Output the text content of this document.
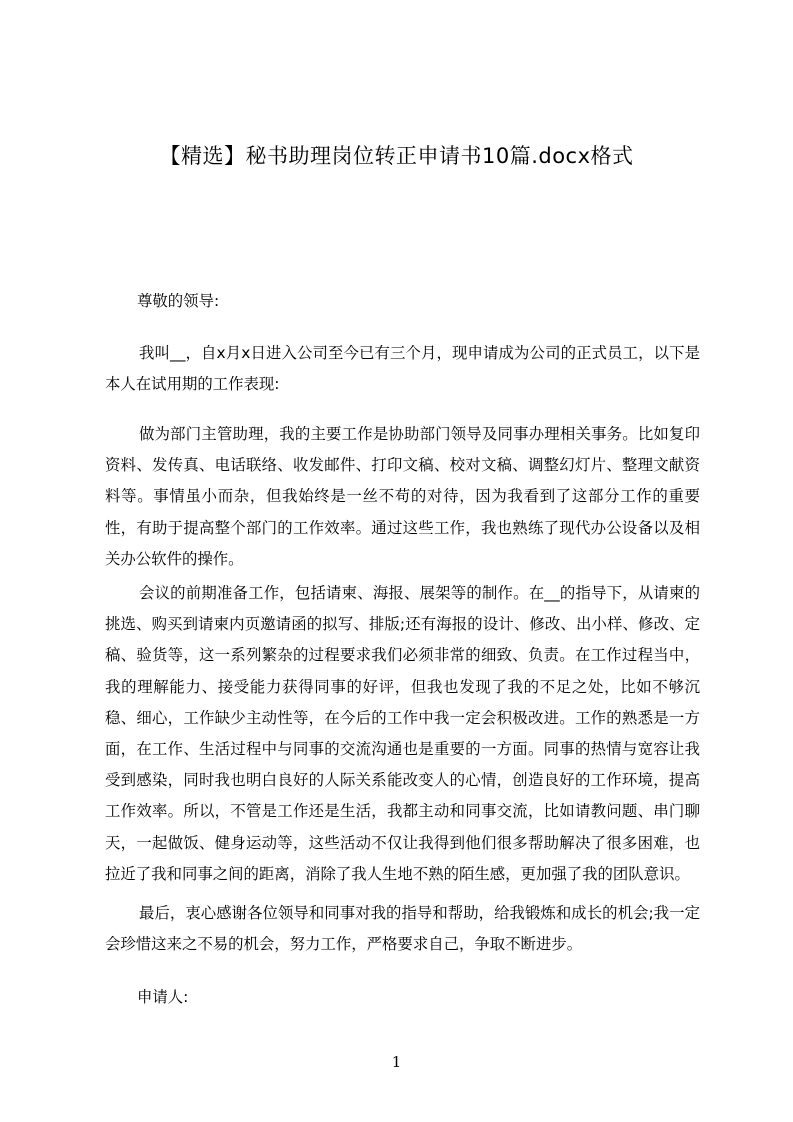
【精选】秘书助理岗位转正申请书10篇.docx格式
尊敬的领导:
我叫__，自x月x日进入公司至今已有三个月，现申请成为公司的正式员工，以下是本人在试用期的工作表现:
做为部门主管助理，我的主要工作是协助部门领导及同事办理相关事务。比如复印资料、发传真、电话联络、收发邮件、打印文稿、校对文稿、调整幻灯片、整理文献资料等。事情虽小而杂，但我始终是一丝不苟的对待，因为我看到了这部分工作的重要性，有助于提高整个部门的工作效率。通过这些工作，我也熟练了现代办公设备以及相关办公软件的操作。
会议的前期准备工作，包括请柬、海报、展架等的制作。在__的指导下，从请柬的挑选、购买到请柬内页邀请函的拟写、排版;还有海报的设计、修改、出小样、修改、定稿、验货等，这一系列繁杂的过程要求我们必须非常的细致、负责。在工作过程当中，我的理解能力、接受能力获得同事的好评，但我也发现了我的不足之处，比如不够沉稳、细心，工作缺少主动性等，在今后的工作中我一定会积极改进。工作的熟悉是一方面，在工作、生活过程中与同事的交流沟通也是重要的一方面。同事的热情与宽容让我受到感染，同时我也明白良好的人际关系能改变人的心情，创造良好的工作环境，提高工作效率。所以，不管是工作还是生活，我都主动和同事交流，比如请教问题、串门聊天，一起做饭、健身运动等，这些活动不仅让我得到他们很多帮助解决了很多困难，也拉近了我和同事之间的距离，消除了我人生地不熟的陌生感，更加强了我的团队意识。
最后，衷心感谢各位领导和同事对我的指导和帮助，给我锻炼和成长的机会;我一定会珍惜这来之不易的机会，努力工作，严格要求自己，争取不断进步。
申请人:
1
